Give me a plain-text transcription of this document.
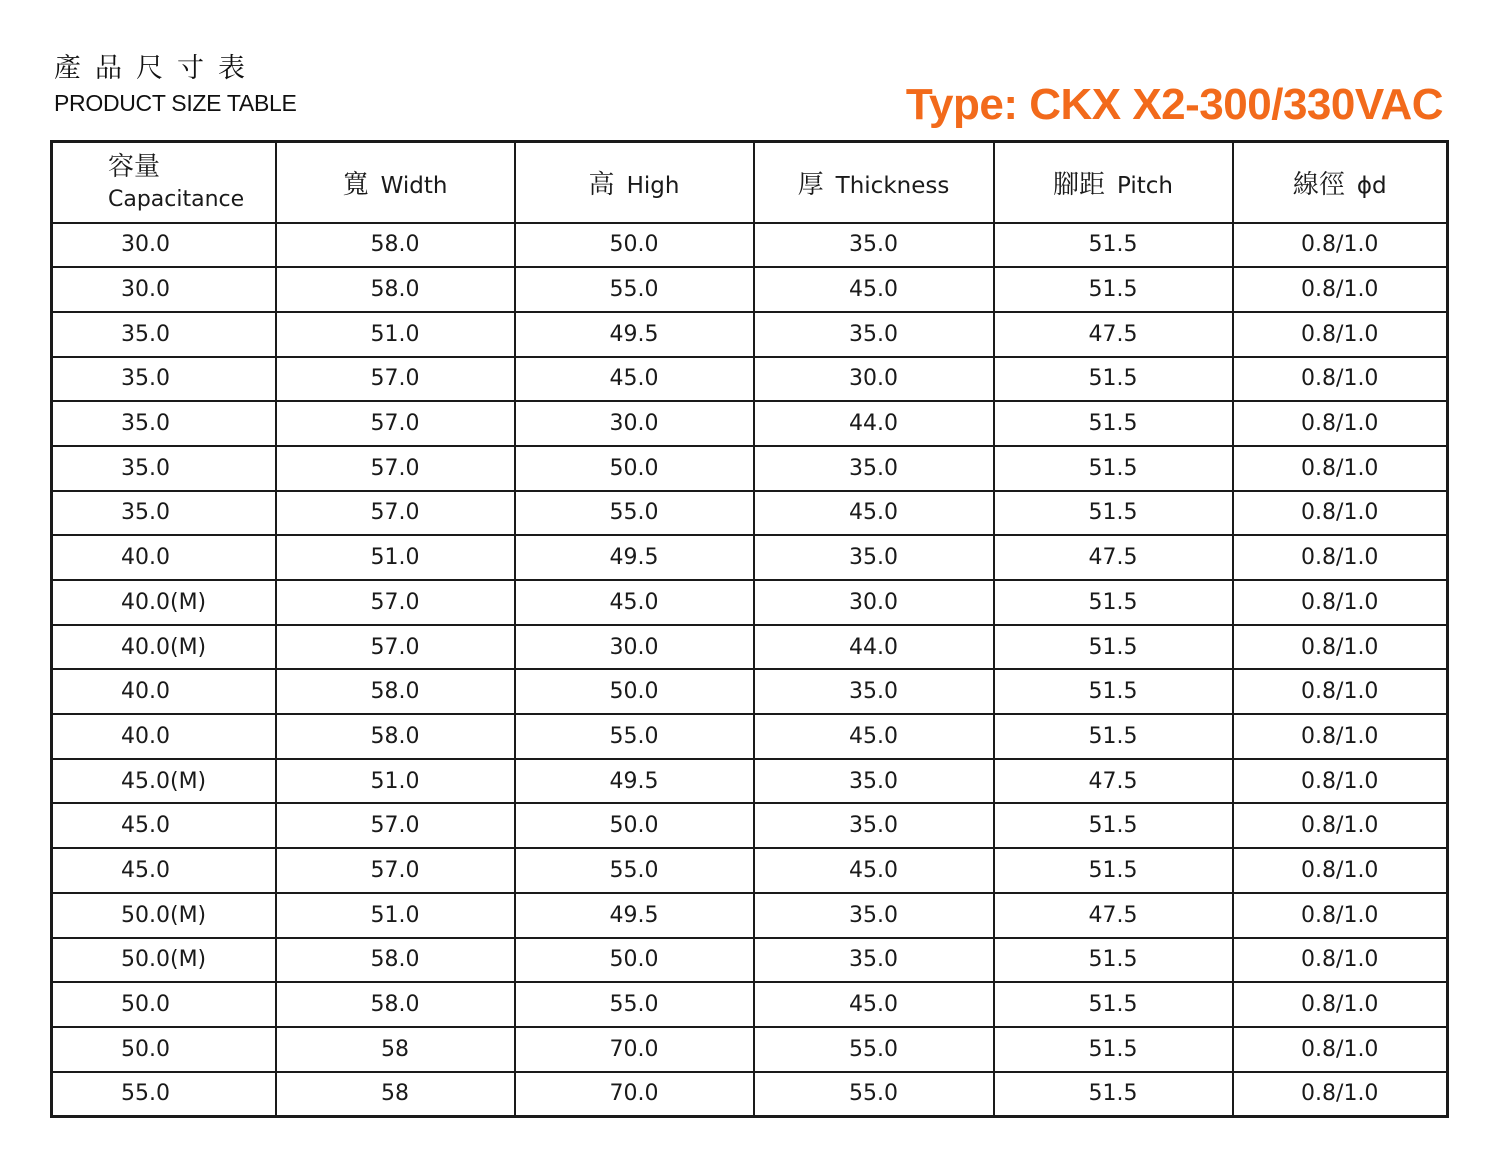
產品尺寸表
PRODUCT SIZE TABLE	Type: CKX X2-300/330VAC
容量
Capacitance	寬 Width	高 High	厚 Thickness	腳距 Pitch	線徑 ϕd
30.0	58.0	50.0	35.0	51.5	0.8/1.0
30.0	58.0	55.0	45.0	51.5	0.8/1.0
35.0	51.0	49.5	35.0	47.5	0.8/1.0
35.0	57.0	45.0	30.0	51.5	0.8/1.0
35.0	57.0	30.0	44.0	51.5	0.8/1.0
35.0	57.0	50.0	35.0	51.5	0.8/1.0
35.0	57.0	55.0	45.0	51.5	0.8/1.0
40.0	51.0	49.5	35.0	47.5	0.8/1.0
40.0(M)	57.0	45.0	30.0	51.5	0.8/1.0
40.0(M)	57.0	30.0	44.0	51.5	0.8/1.0
40.0	58.0	50.0	35.0	51.5	0.8/1.0
40.0	58.0	55.0	45.0	51.5	0.8/1.0
45.0(M)	51.0	49.5	35.0	47.5	0.8/1.0
45.0	57.0	50.0	35.0	51.5	0.8/1.0
45.0	57.0	55.0	45.0	51.5	0.8/1.0
50.0(M)	51.0	49.5	35.0	47.5	0.8/1.0
50.0(M)	58.0	50.0	35.0	51.5	0.8/1.0
50.0	58.0	55.0	45.0	51.5	0.8/1.0
50.0	58	70.0	55.0	51.5	0.8/1.0
55.0	58	70.0	55.0	51.5	0.8/1.0
